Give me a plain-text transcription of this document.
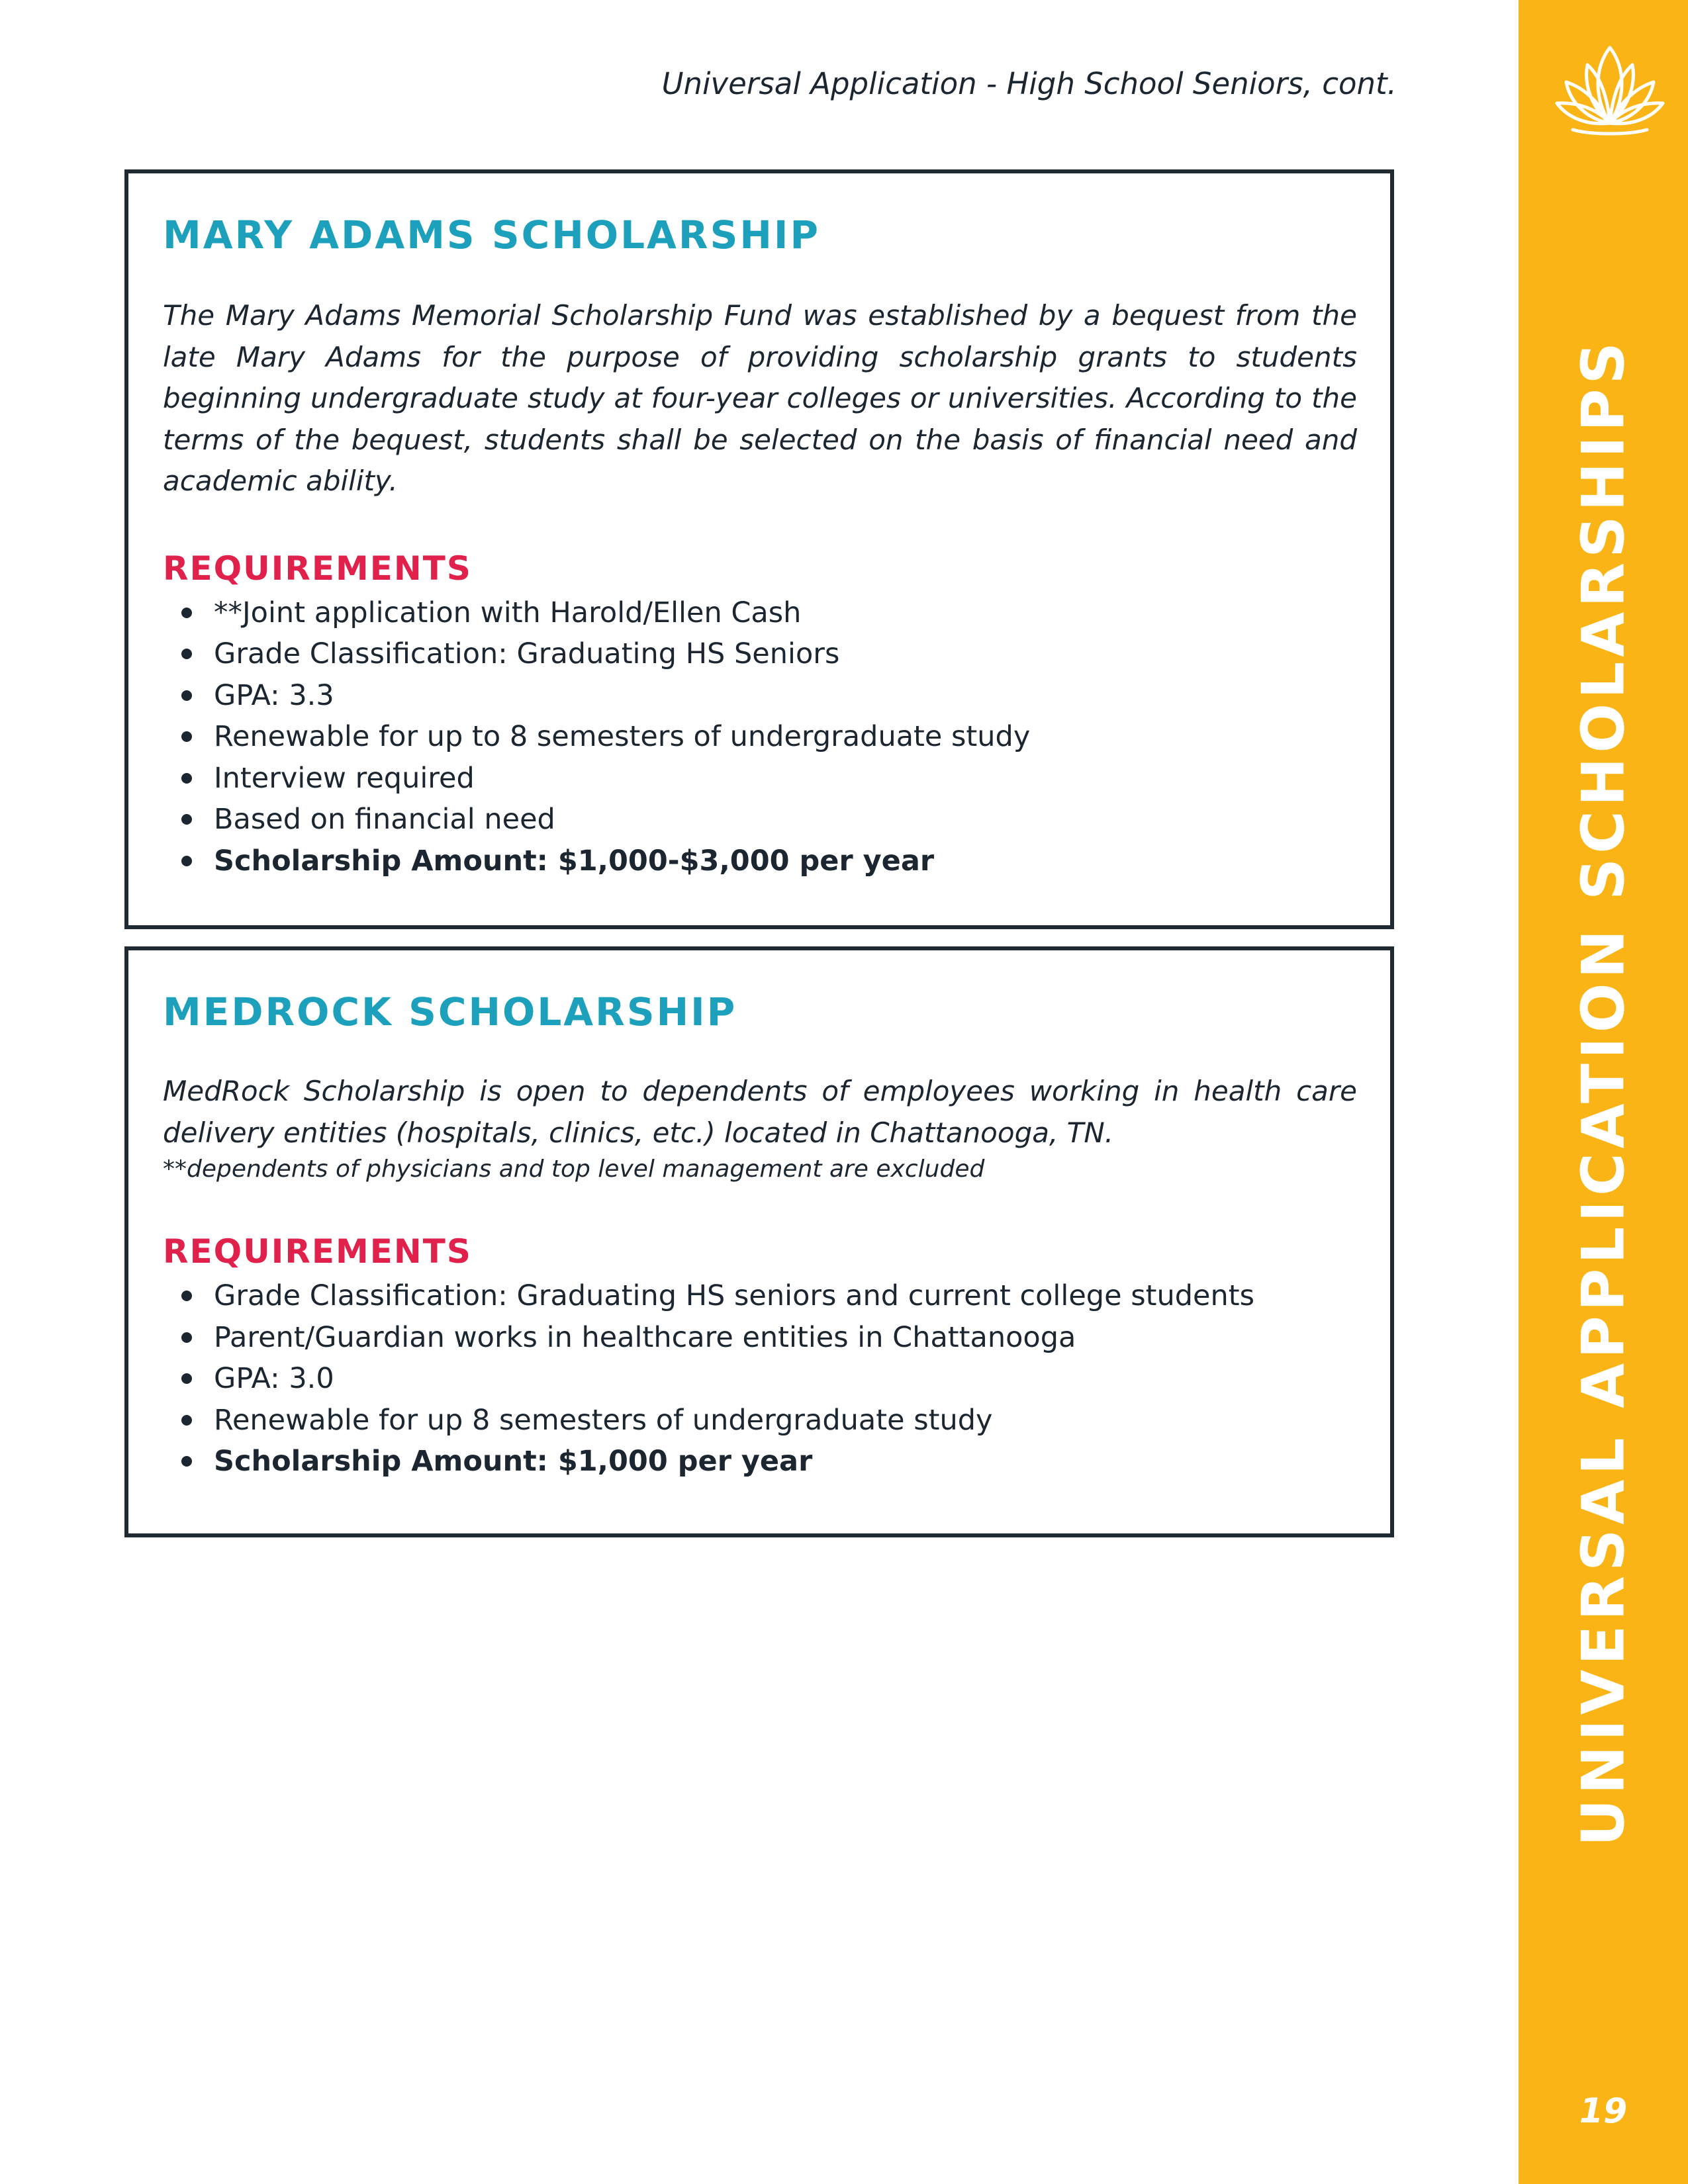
Universal Application - High School Seniors, cont.
MARY ADAMS SCHOLARSHIP

The Mary Adams Memorial Scholarship Fund was established by a bequest from the late Mary Adams for the purpose of providing scholarship grants to students beginning undergraduate study at four-year colleges or universities. According to the terms of the bequest, students shall be selected on the basis of financial need and academic ability.

REQUIREMENTS
**Joint application with Harold/Ellen Cash
Grade Classification: Graduating HS Seniors
GPA: 3.3
Renewable for up to 8 semesters of undergraduate study
Interview required
Based on financial need
Scholarship Amount: $1,000-$3,000 per year
MEDROCK SCHOLARSHIP

MedRock Scholarship is open to dependents of employees working in health care delivery entities (hospitals, clinics, etc.) located in Chattanooga, TN.

**dependents of physicians and top level management are excluded

REQUIREMENTS
Grade Classification: Graduating HS seniors and current college students
Parent/Guardian works in healthcare entities in Chattanooga
GPA: 3.0
Renewable for up 8 semesters of undergraduate study
Scholarship Amount: $1,000 per year	UNIVERSAL APPLICATION SCHOLARSHIPS
19
